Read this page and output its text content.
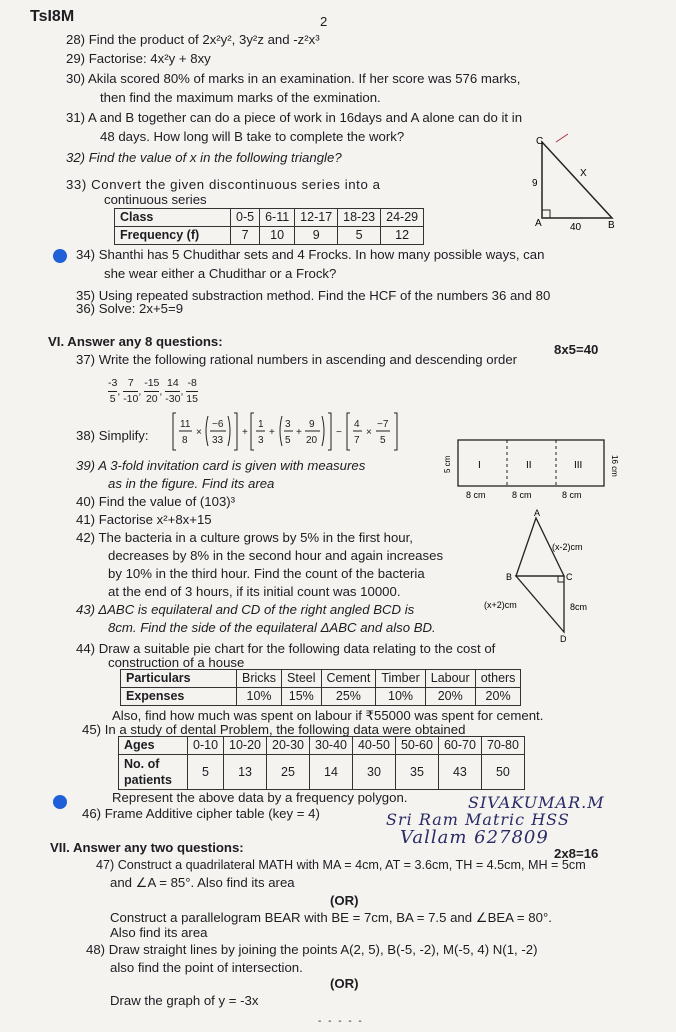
TsI8M	2
28) Find the product of 2x²y², 3y²z and -z²x³
29) Factorise: 4x²y + 8xy
30) Akila scored 80% of marks in an examination. If her score was 576 marks,
then find the maximum marks of the exmination.
31) A and B together can do a piece of work in 16days and A alone can do it in
48 days. How long will B take to complete the work?
32) Find the value of x in the following triangle?
33) Convert the given discontinuous series into a
continuous series
Class	0-5	6-11	12-17	18-23	24-29
Frequency (f)	7	10	9	5	12
C
A	B
9
40
X
34) Shanthi has 5 Chudithar sets and 4 Frocks. In how many possible ways, can
she wear either a Chudithar or a Frock?
35) Using repeated substraction method. Find the HCF of the numbers 36 and 80
36) Solve: 2x+5=9
VI. Answer any 8 questions:
8x5=40
37) Write the following rational numbers in ascending and descending order
$\frac{-3}{5}$ , $\frac{7}{-10}$ , $\frac{-15}{20}$ , $\frac{14}{-30}$ , $\frac{-8}{15}$
38) Simplify:
11
8
×
−6
33
+
1
3
+
3
5
+
9
20
−
4
7
×
−7
5
39) A 3-fold invitation card is given with measures
as in the figure. Find its area
5 cm	16 cm
I	II	III
8 cm	8 cm	8 cm
40) Find the value of (103)³
41) Factorise x²+8x+15
42) The bacteria in a culture grows by 5% in the first hour,
decreases by 8% in the second hour and again increases
by 10% in the third hour. Find the count of the bacteria
at the end of 3 hours, if its initial count was 10000.
A
B	C
D
(x-2)cm
(x+2)cm	8cm
43) ΔABC is equilateral and CD of the right angled BCD is
8cm. Find the side of the equilateral ΔABC and also BD.
44) Draw a suitable pie chart for the following data relating to the cost of
construction of a house
Particulars	Bricks	Steel	Cement	Timber	Labour	others
Expenses	10%	15%	25%	10%	20%	20%
Also, find how much was spent on labour if ₹55000 was spent for cement.
45) In a study of dental Problem, the following data were obtained
Ages	0-10	10-20	20-30	30-40	40-50	50-60	60-70	70-80
No. of patients	5	13	25	14	30	35	43	50
Represent the above data by a frequency polygon.
46) Frame Additive cipher table (key = 4)
SIVAKUMAR.M
Sri Ram Matric HSS
Vallam 627809
VII. Answer any two questions:	2x8=16
47) Construct a quadrilateral MATH with MA = 4cm, AT = 3.6cm, TH = 4.5cm, MH = 5cm
and ∠A = 85°. Also find its area
(OR)
Construct a parallelogram BEAR with BE = 7cm, BA = 7.5 and ∠BEA = 80°.
Also find its area
48) Draw straight lines by joining the points A(2, 5), B(-5, -2), M(-5, 4) N(1, -2)
also find the point of intersection.
(OR)
Draw the graph of y = -3x
- - - - -
